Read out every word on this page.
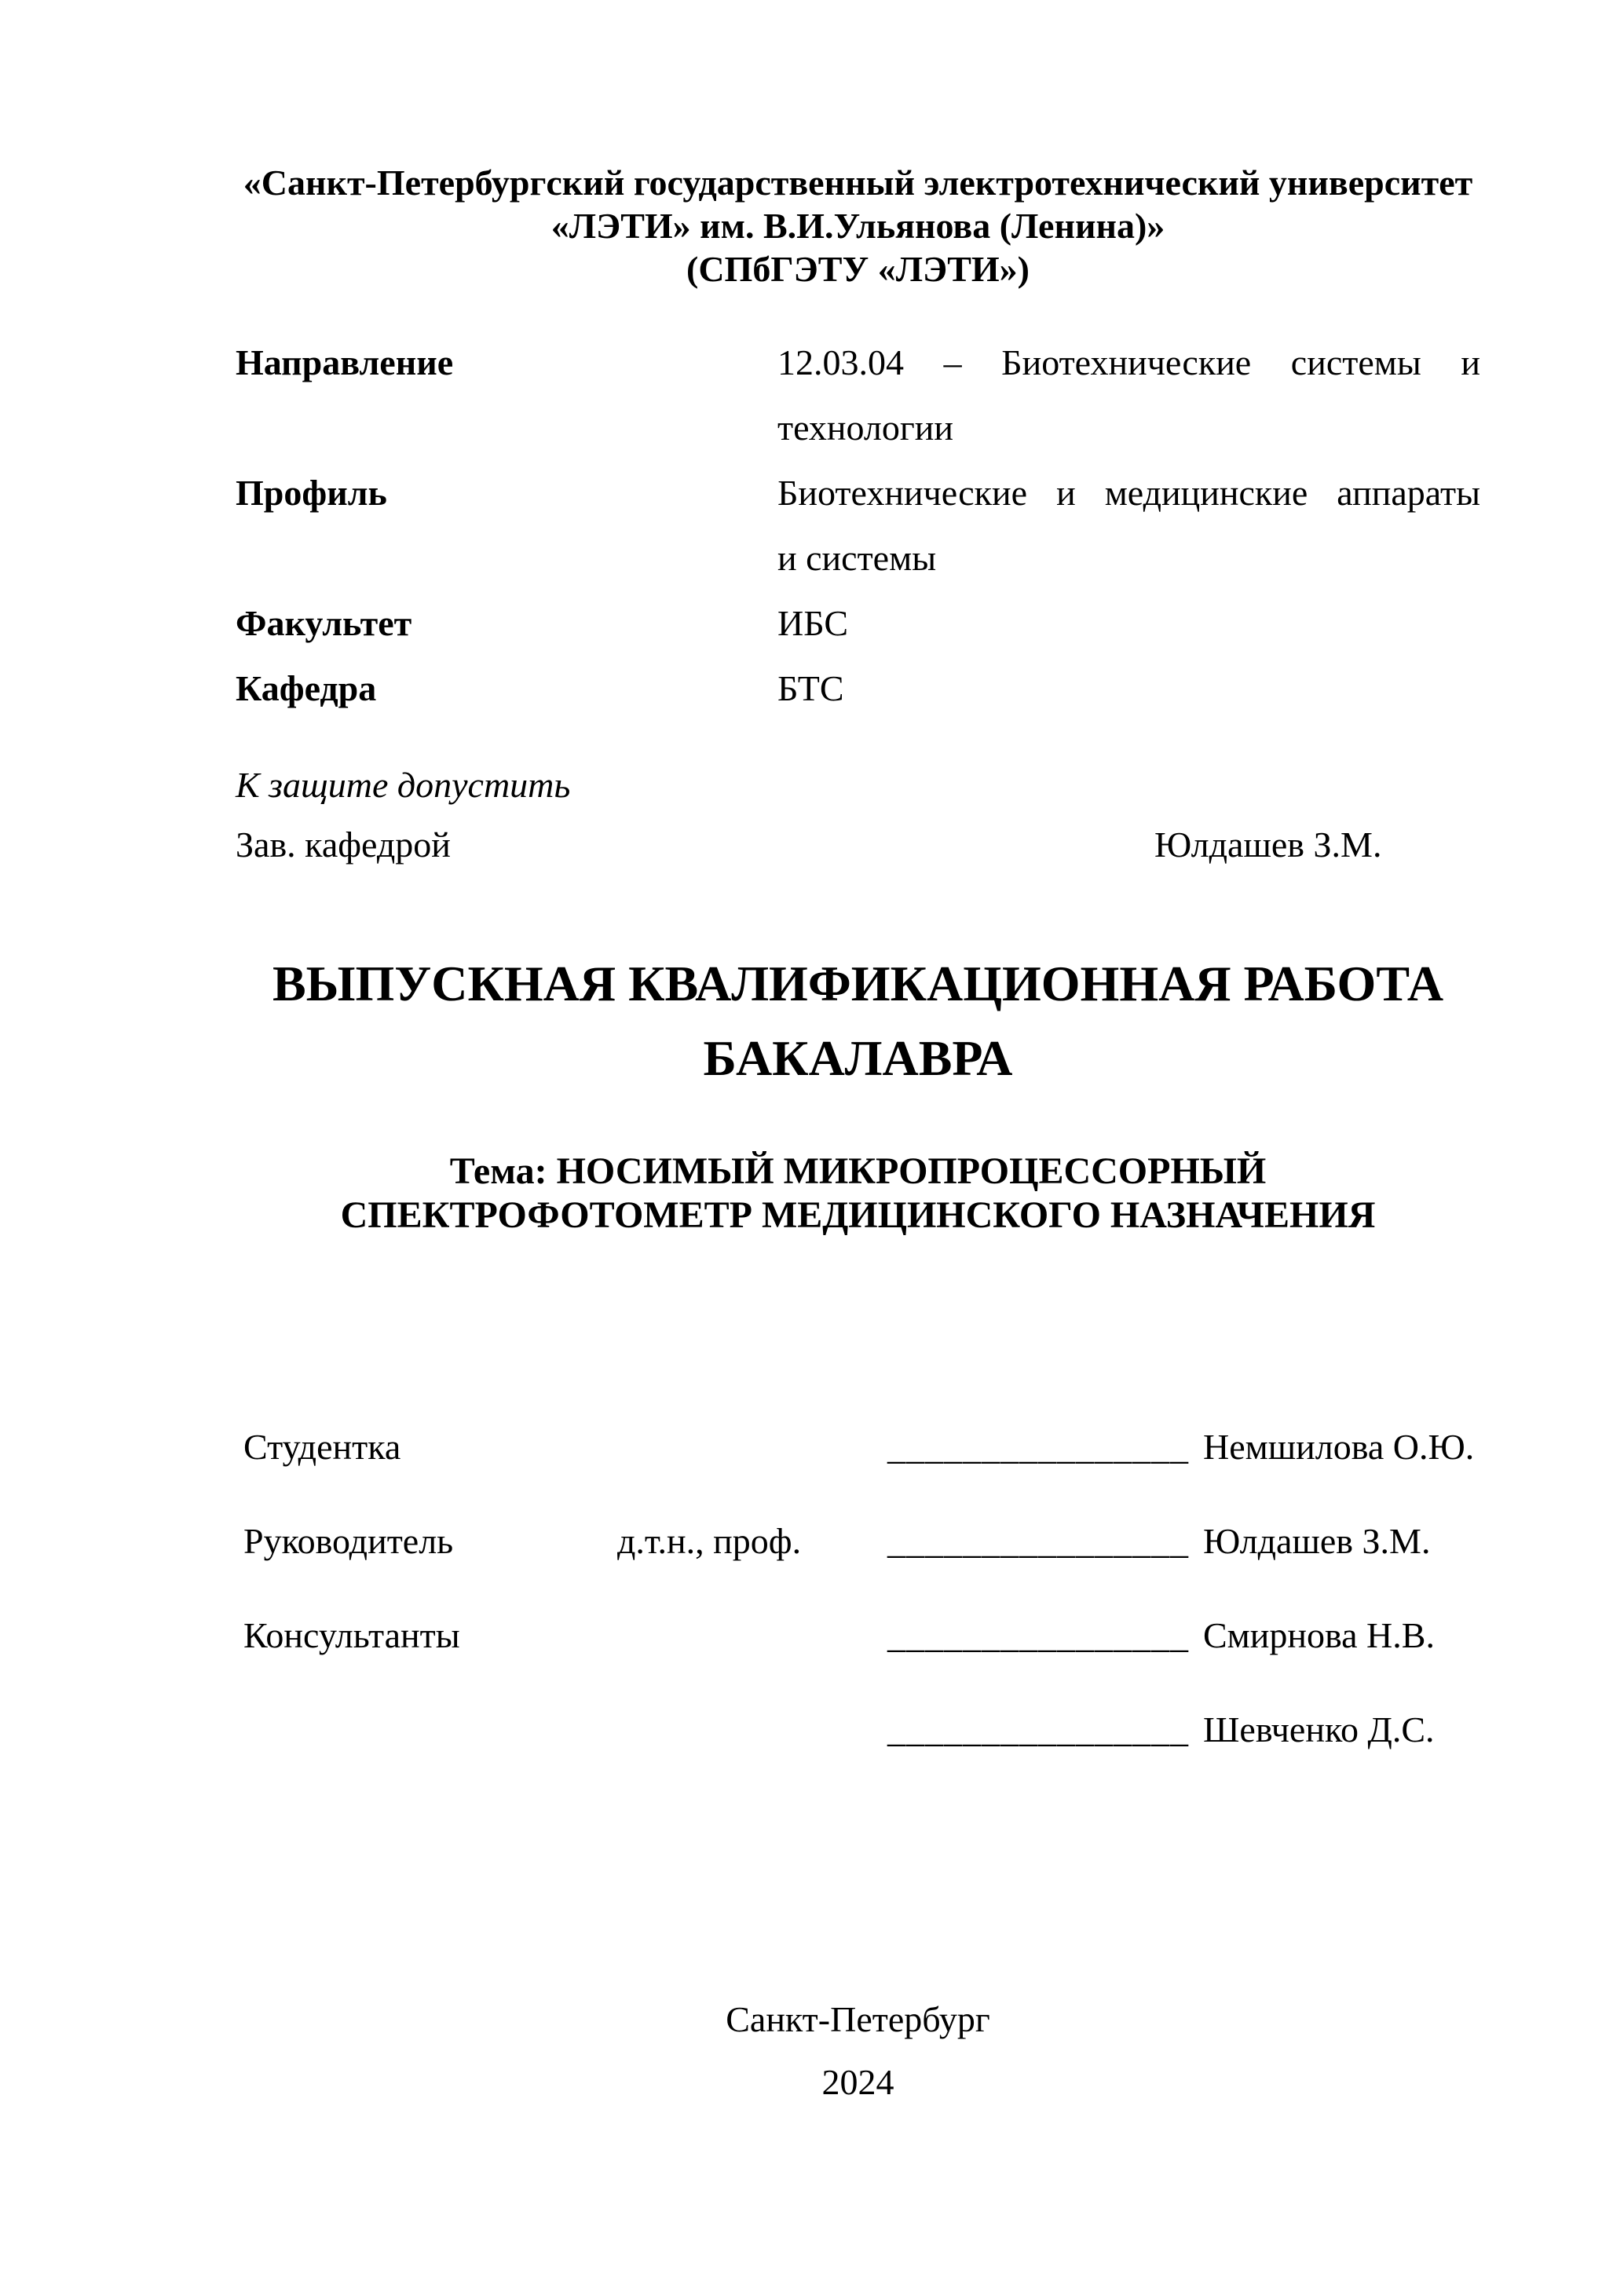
«Санкт-Петербургский государственный электротехнический университет
«ЛЭТИ» им. В.И.Ульянова (Ленина)»
(СПбГЭТУ «ЛЭТИ»)
Направление	12.03.04 – Биотехнические системы и
технологии
Профиль	Биотехнические и медицинские аппараты
и системы
Факультет	ИБС
Кафедра	БТС
К защите допустить
Зав. кафедрой	Юлдашев З.М.
ВЫПУСКНАЯ КВАЛИФИКАЦИОННАЯ РАБОТА
БАКАЛАВРА
Тема: НОСИМЫЙ МИКРОПРОЦЕССОРНЫЙ
СПЕКТРОФОТОМЕТР МЕДИЦИНСКОГО НАЗНАЧЕНИЯ
Студентка	________________ Немшилова О.Ю.
Руководитель	д.т.н., проф. ________________ Юлдашев З.М.
Консультанты	________________ Смирнова Н.В.
________________ Шевченко Д.С.
Санкт-Петербург
2024
